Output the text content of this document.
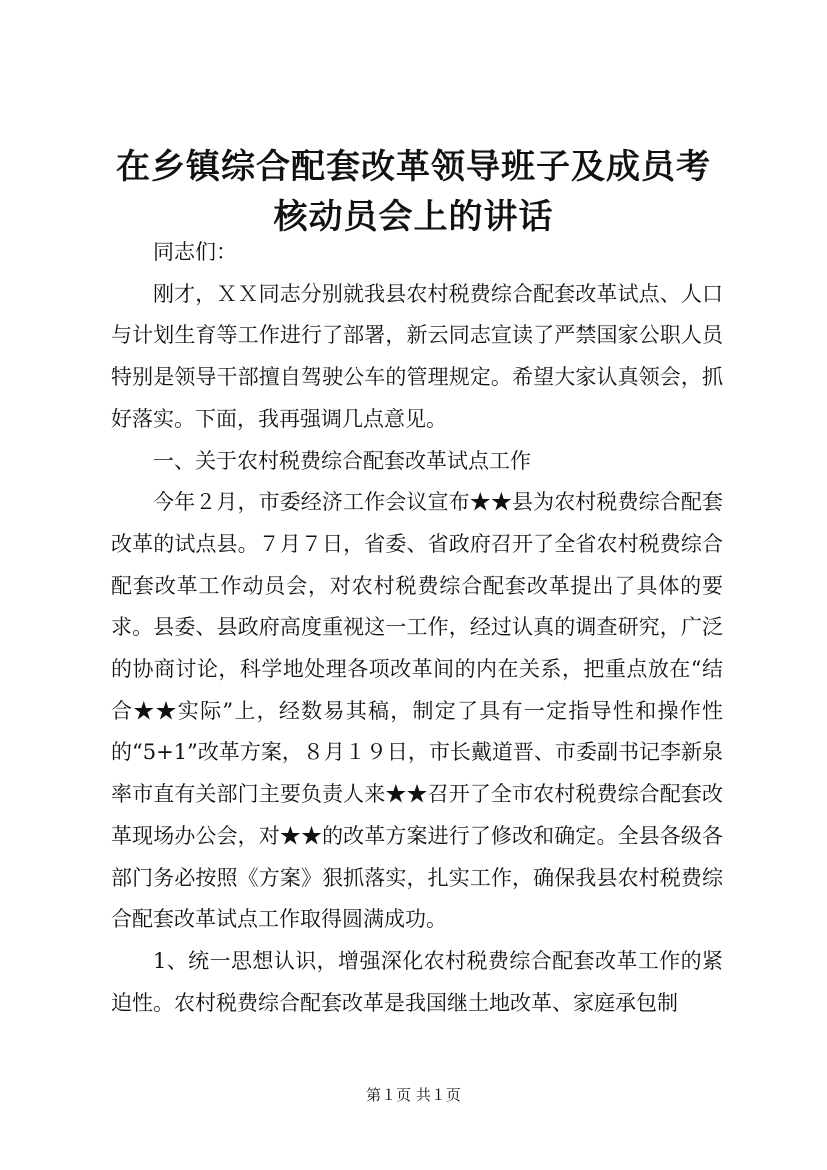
在乡镇综合配套改革领导班子及成员考核动员会上的讲话

同志们：

刚才，ＸＸ同志分别就我县农村税费综合配套改革试点、人口与计划生育等工作进行了部署，新云同志宣读了严禁国家公职人员特别是领导干部擅自驾驶公车的管理规定。希望大家认真领会，抓好落实。下面，我再强调几点意见。

一、关于农村税费综合配套改革试点工作

今年２月，市委经济工作会议宣布★★县为农村税费综合配套改革的试点县。７月７日，省委、省政府召开了全省农村税费综合配套改革工作动员会，对农村税费综合配套改革提出了具体的要求。县委、县政府高度重视这一工作，经过认真的调查研究，广泛的协商讨论，科学地处理各项改革间的内在关系，把重点放在“结合★★实际”上，经数易其稿，制定了具有一定指导性和操作性的“5+1”改革方案，８月１９日，市长戴道晋、市委副书记李新泉率市直有关部门主要负责人来★★召开了全市农村税费综合配套改革现场办公会，对★★的改革方案进行了修改和确定。全县各级各部门务必按照《方案》狠抓落实，扎实工作，确保我县农村税费综合配套改革试点工作取得圆满成功。

1、统一思想认识，增强深化农村税费综合配套改革工作的紧迫性。农村税费综合配套改革是我国继土地改革、家庭承包制

第１页 共１页
